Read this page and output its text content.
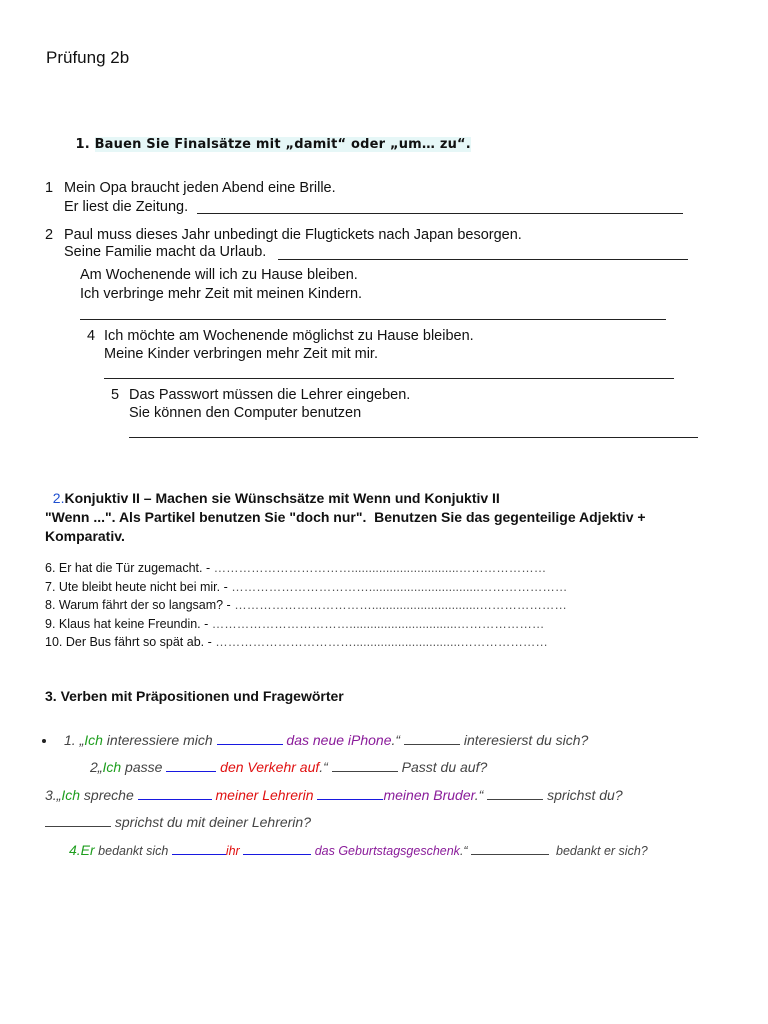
Prüfung 2b

1. Bauen Sie Finalsätze mit „damit“ oder „um… zu“.

1 Mein Opa braucht jeden Abend eine Brille.
Er liest die Zeitung.
2 Paul muss dieses Jahr unbedingt die Flugtickets nach Japan besorgen.
Seine Familie macht da Urlaub.
Am Wochenende will ich zu Hause bleiben.
Ich verbringe mehr Zeit mit meinen Kindern.
4 Ich möchte am Wochenende möglichst zu Hause bleiben.
Meine Kinder verbringen mehr Zeit mit mir.
5 Das Passwort müssen die Lehrer eingeben.
Sie können den Computer benutzen

2.Konjuktiv II – Machen sie Wünschsätze mit Wenn und Konjuktiv II

"Wenn ...". Als Partikel benutzen Sie "doch nur".  Benutzen Sie das gegenteilige Adjektiv +
Komparativ.
6. Er hat die Tür zugemacht. - ……………………………...............................…………………
7. Ute bleibt heute nicht bei mir. - ……………………………................................…………………
8. Warum fährt der so langsam? - ……………………………...............................…………………
9. Klaus hat keine Freundin. - ……………………………...............................…………………
10. Der Bus fährt so spät ab. - ……………………………...............................…………………
3. Verben mit Präpositionen und Fragewörter
1. „Ich interessiere mich	das neue iPhone.“	interesierst du sich?
2„Ich passe	den Verkehr auf.“	Passt du auf?
3.„Ich spreche	meiner Lehrerin	meinen Bruder.“	sprichst du?
sprichst du mit deiner Lehrerin?
4.Er bedankt sich	ihr	das Geburtstagsgeschenk.“	bedankt er sich?
